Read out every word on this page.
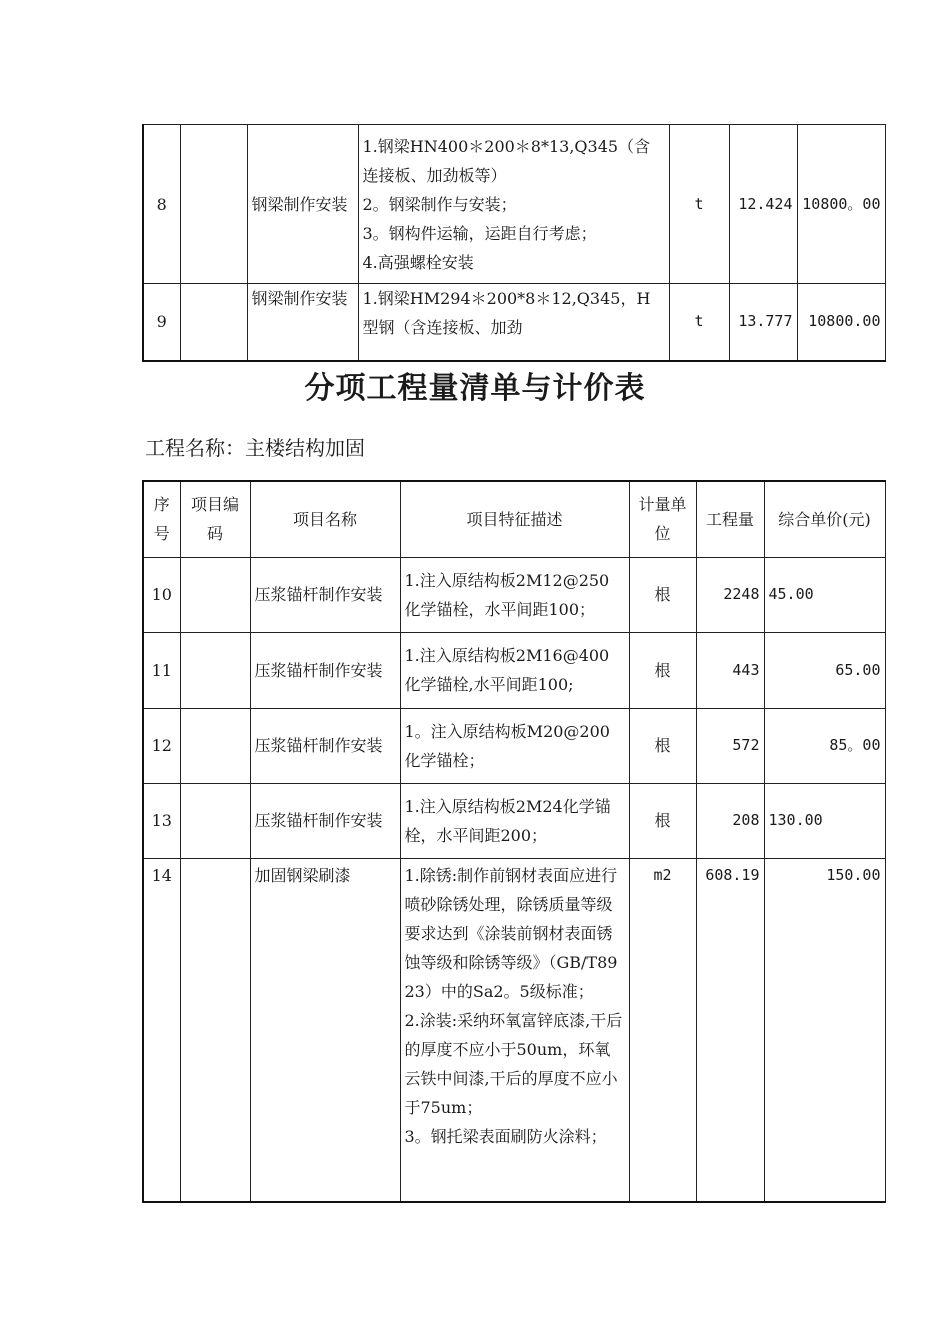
8		钢梁制作安装	1.钢梁HN400＊200＊8*13,Q345（含连接板、加劲板等）
2。钢梁制作与安装；
3。钢构件运输，运距自行考虑；
4.高强螺栓安装	t	12.424	10800。00
9		钢梁制作安装	1.钢梁HM294＊200*8＊12,Q345，H型钢（含连接板、加劲	t	13.777	10800.00
分项工程量清单与计价表
工程名称：主楼结构加固
序号	项目编码	项目名称	项目特征描述	计量单位	工程量	综合单价(元)
10		压浆锚杆制作安装	1.注入原结构板2M12@250化学锚栓，水平间距100；	根	2248	45.00
11		压浆锚杆制作安装	1.注入原结构板2M16@400化学锚栓,水平间距100;	根	443	65.00
12		压浆锚杆制作安装	1。注入原结构板M20@200化学锚栓；	根	572	85。00
13		压浆锚杆制作安装	1.注入原结构板2M24化学锚栓，水平间距200；	根	208	130.00
14		加固钢梁刷漆	1.除锈:制作前钢材表面应进行喷砂除锈处理，除锈质量等级要求达到《涂装前钢材表面锈蚀等级和除锈等级》（GB/T8923）中的Sa2。5级标准；
2.涂装:采纳环氧富锌底漆,干后的厚度不应小于50um，环氧云铁中间漆,干后的厚度不应小于75um；
3。钢托梁表面刷防火涂料；	m2	608.19	150.00
